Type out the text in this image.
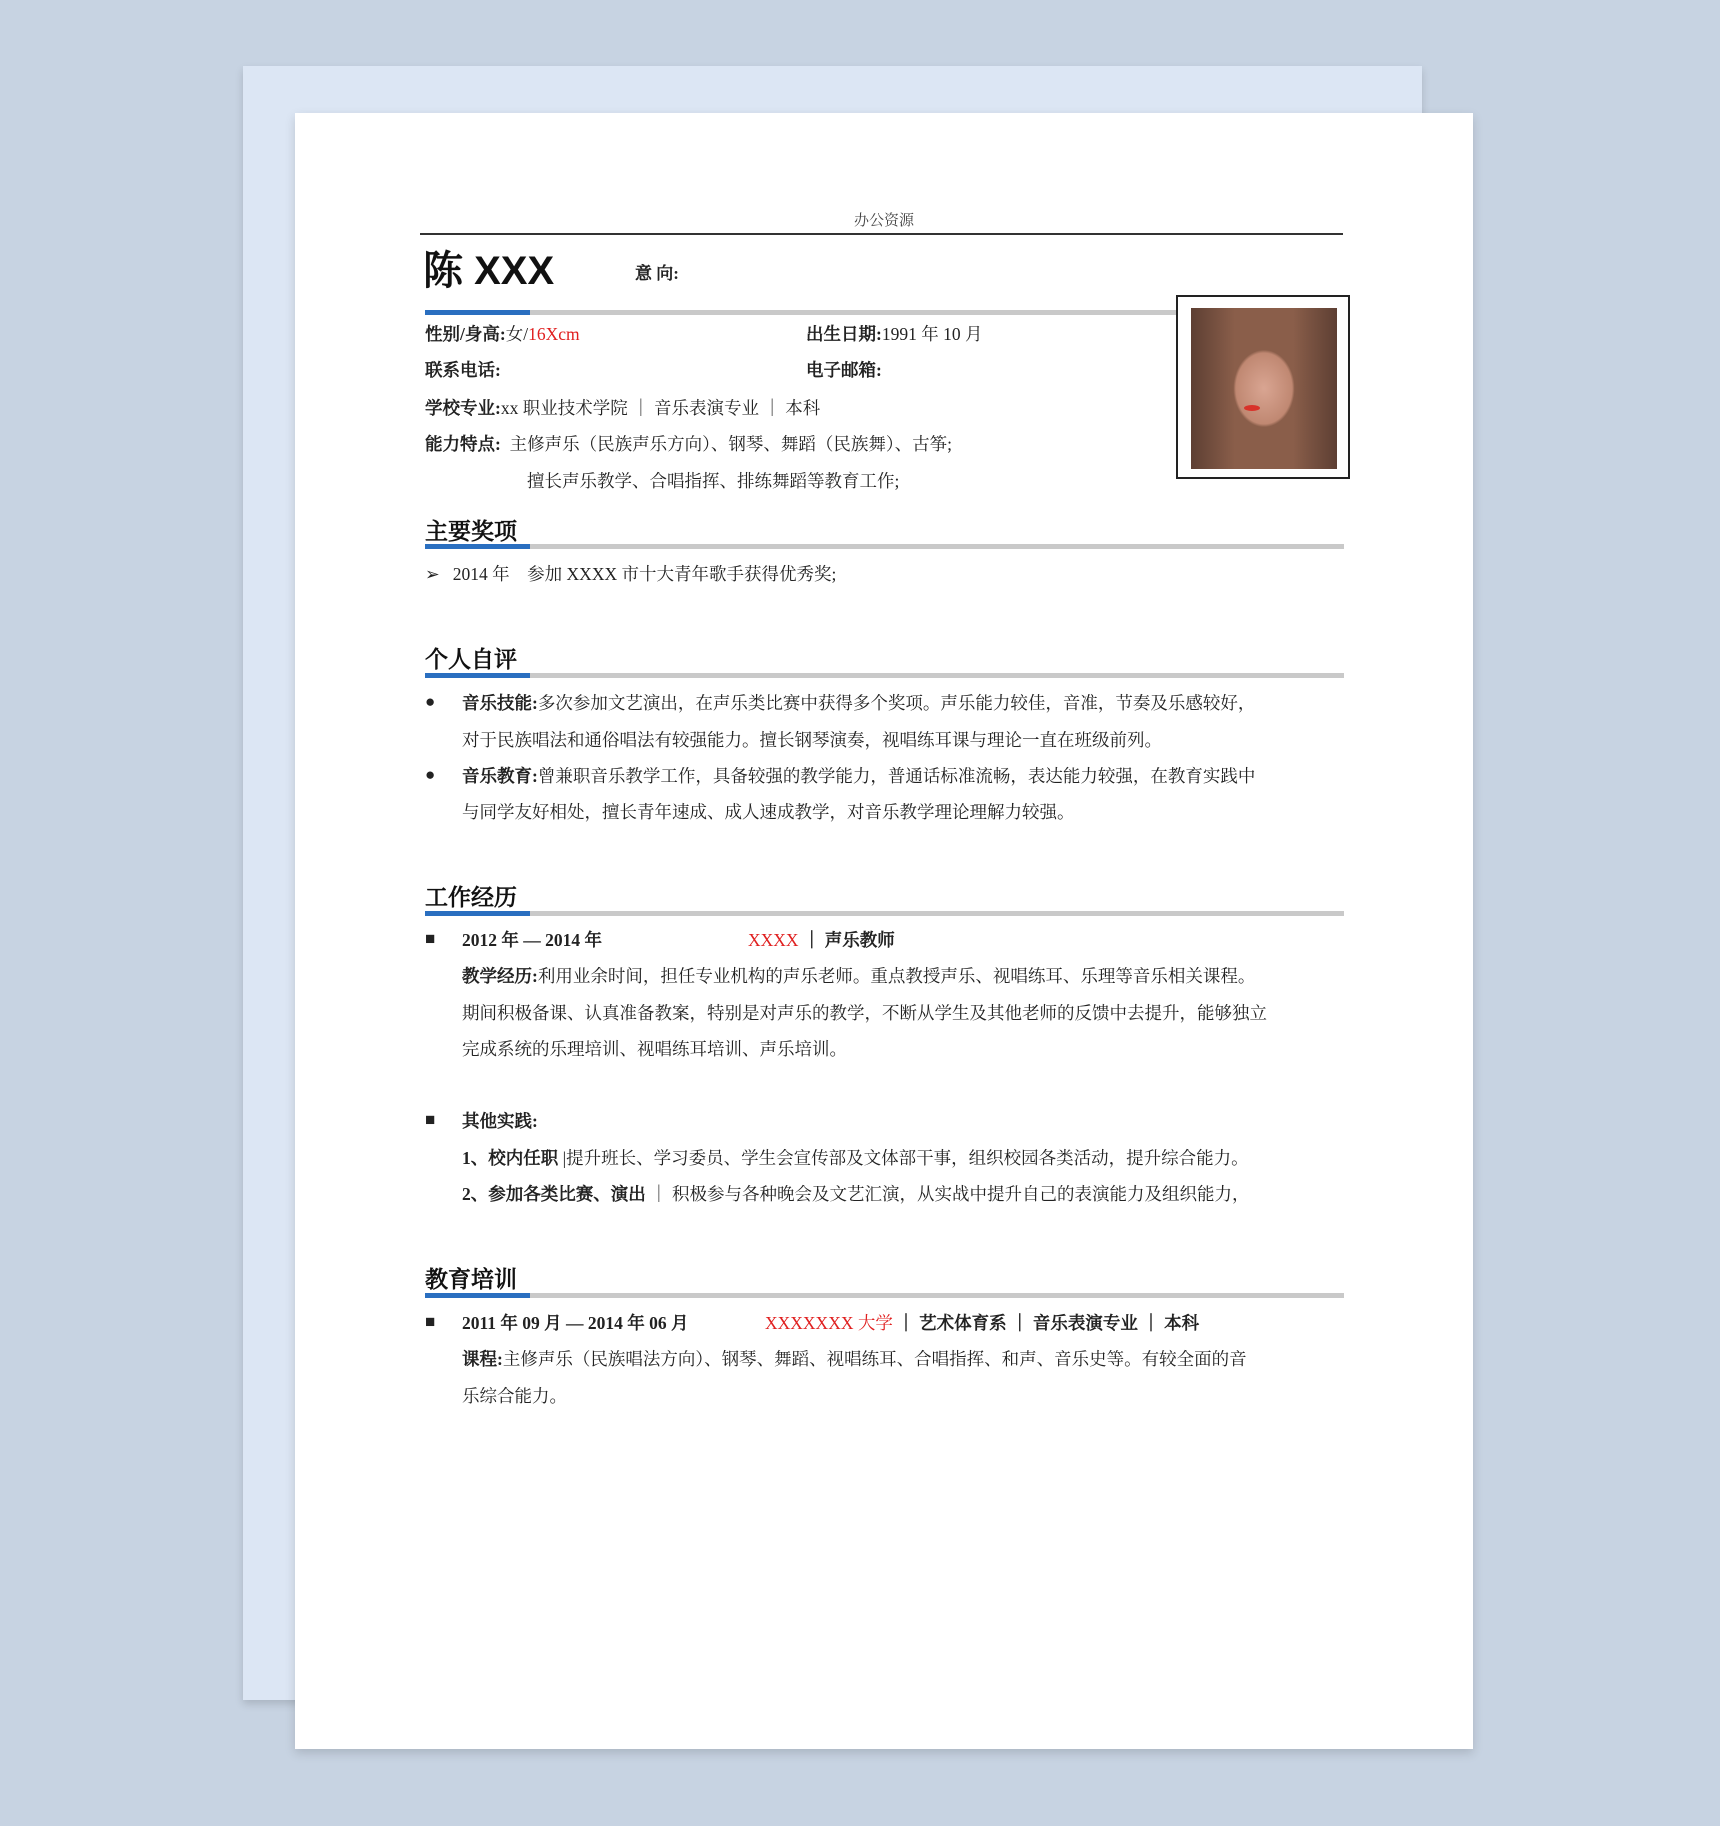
办公资源
陈 XXX	意 向:
性别/身高:女/16Xcm	出生日期:1991 年 10 月
联系电话:	电子邮箱:
学校专业:xx 职业技术学院 ｜ 音乐表演专业 ｜ 本科
能力特点: 主修声乐（民族声乐方向）、钢琴、舞蹈（民族舞）、古筝;
擅长声乐教学、合唱指挥、排练舞蹈等教育工作;
主要奖项
➢ 2014 年　参加 XXXX 市十大青年歌手获得优秀奖;
个人自评
● 音乐技能:多次参加文艺演出，在声乐类比赛中获得多个奖项。声乐能力较佳，音准，节奏及乐感较好，
对于民族唱法和通俗唱法有较强能力。擅长钢琴演奏，视唱练耳课与理论一直在班级前列。
● 音乐教育:曾兼职音乐教学工作，具备较强的教学能力，普通话标准流畅，表达能力较强，在教育实践中
与同学友好相处，擅长青年速成、成人速成教学，对音乐教学理论理解力较强。
工作经历
■ 2012 年 — 2014 年	XXXX ｜ 声乐教师
教学经历:利用业余时间，担任专业机构的声乐老师。重点教授声乐、视唱练耳、乐理等音乐相关课程。
期间积极备课、认真准备教案，特别是对声乐的教学，不断从学生及其他老师的反馈中去提升，能够独立
完成系统的乐理培训、视唱练耳培训、声乐培训。
■ 其他实践:
1、校内任职 |提升班长、学习委员、学生会宣传部及文体部干事，组织校园各类活动，提升综合能力。
2、参加各类比赛、演出 ｜ 积极参与各种晚会及文艺汇演，从实战中提升自己的表演能力及组织能力，
教育培训
■ 2011 年 09 月 — 2014 年 06 月	XXXXXXX 大学 ｜ 艺术体育系 ｜ 音乐表演专业 ｜ 本科
课程:主修声乐（民族唱法方向）、钢琴、舞蹈、视唱练耳、合唱指挥、和声、音乐史等。有较全面的音
乐综合能力。
